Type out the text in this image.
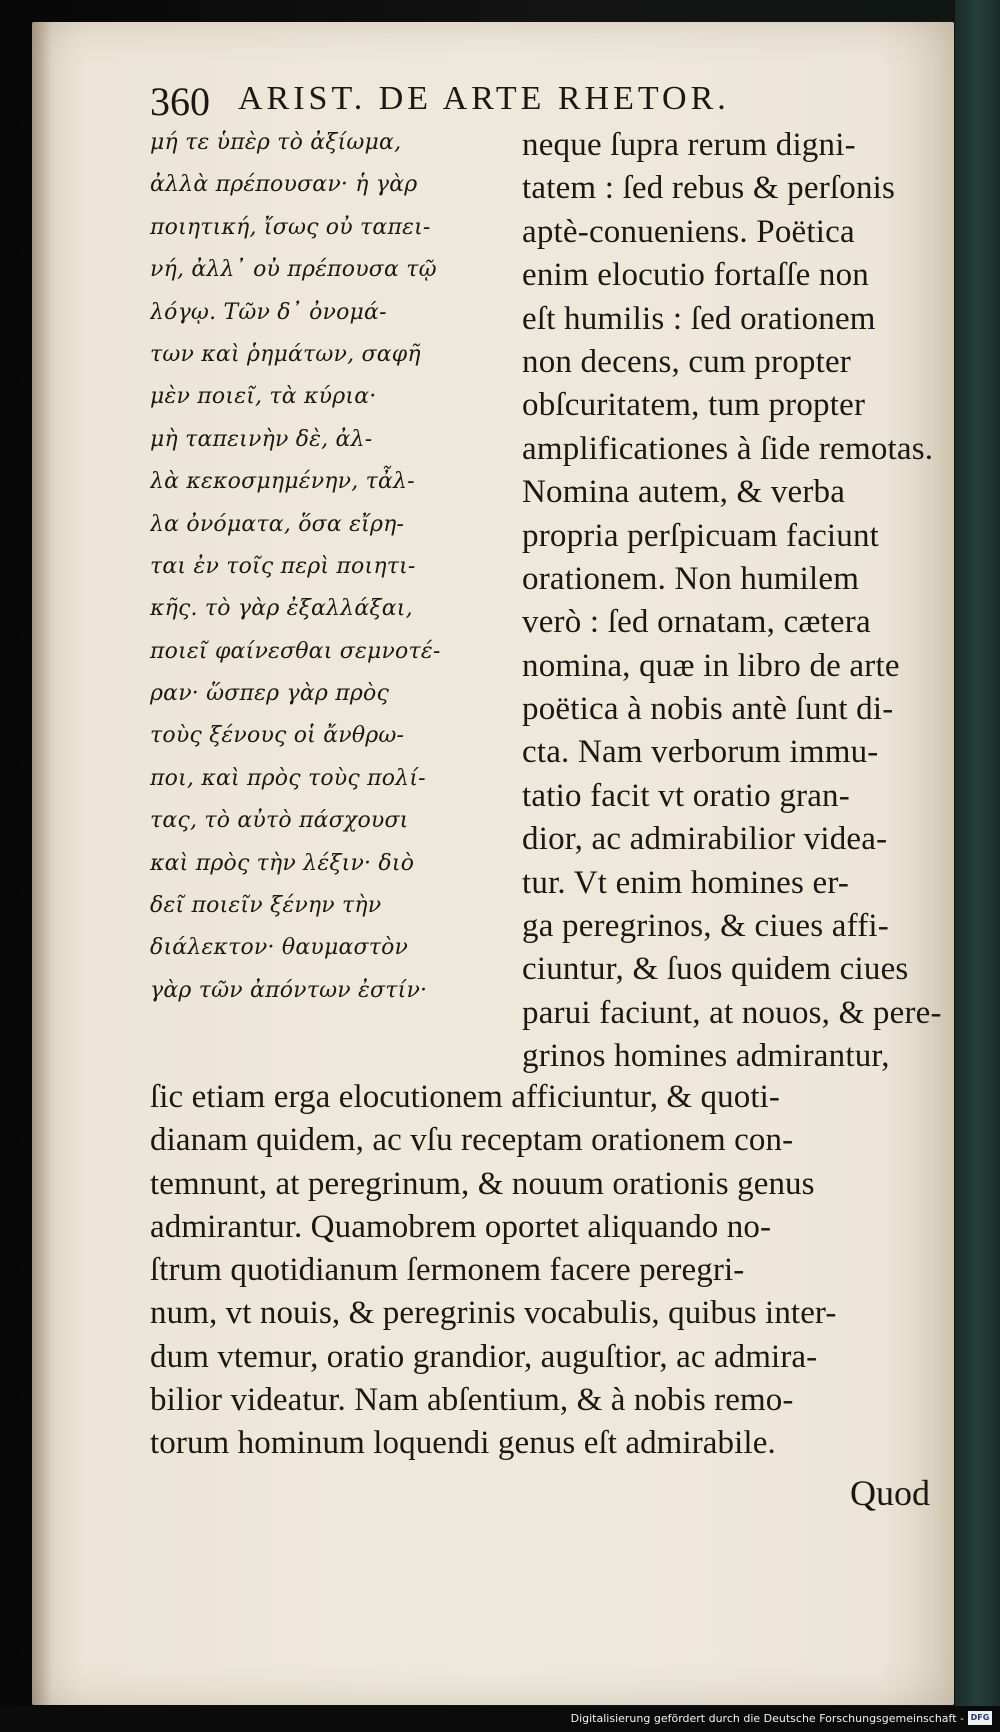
360 ARIST. DE ARTE RHETOR.
μή τε ὑπὲρ τὸ ἀξίωμα,
ἀλλὰ πρέπουσαν· ἡ γὰρ
ποιητική, ἴσως οὐ ταπει-
νή, ἀλλ᾽ οὐ πρέπουσα τῷ
λόγῳ. Τῶν δ᾽ ὀνομά-
των καὶ ῥημάτων, σαφῆ
μὲν ποιεῖ, τὰ κύρια·
μὴ ταπεινὴν δὲ, ἀλ-
λὰ κεκοσμημένην, τἆλ-
λα ὀνόματα, ὅσα εἴρη-
ται ἐν τοῖς περὶ ποιητι-
κῆς. τὸ γὰρ ἐξαλλάξαι,
ποιεῖ φαίνεσθαι σεμνοτέ-
ραν· ὥσπερ γὰρ πρὸς
τοὺς ξένους οἱ ἄνθρω-
ποι, καὶ πρὸς τοὺς πολί-
τας, τὸ αὐτὸ πάσχουσι
καὶ πρὸς τὴν λέξιν· διὸ
δεῖ ποιεῖν ξένην τὴν
διάλεκτον· θαυμαστὸν
γὰρ τῶν ἀπόντων ἐστίν·
neque ſupra rerum digni-
tatem : ſed rebus & perſonis
aptè-conueniens. Poëtica
enim elocutio fortaſſe non
eſt humilis : ſed orationem
non decens, cum propter
obſcuritatem, tum propter
amplificationes à ſide remotas.
Nomina autem, & verba
propria perſpicuam faciunt
orationem. Non humilem
verò : ſed ornatam, cætera
nomina, quæ in libro de arte
poëtica à nobis antè ſunt di-
cta. Nam verborum immu-
tatio facit vt oratio gran-
dior, ac admirabilior videa-
tur. Vt enim homines er-
ga peregrinos, & ciues affi-
ciuntur, & ſuos quidem ciues
parui faciunt, at nouos, & pere-
grinos homines admirantur,
ſic etiam erga elocutionem afficiuntur, & quoti-
dianam quidem, ac vſu receptam orationem con-
temnunt, at peregrinum, & nouum orationis genus
admirantur. Quamobrem oportet aliquando no-
ſtrum quotidianum ſermonem facere peregri-
num, vt nouis, & peregrinis vocabulis, quibus inter-
dum vtemur, oratio grandior, auguſtior, ac admira-
bilior videatur. Nam abſentium, & à nobis remo-
torum hominum loquendi genus eſt admirabile.
Quod
Digitalisierung gefördert durch die Deutsche Forschungsgemeinschaft - DFG
